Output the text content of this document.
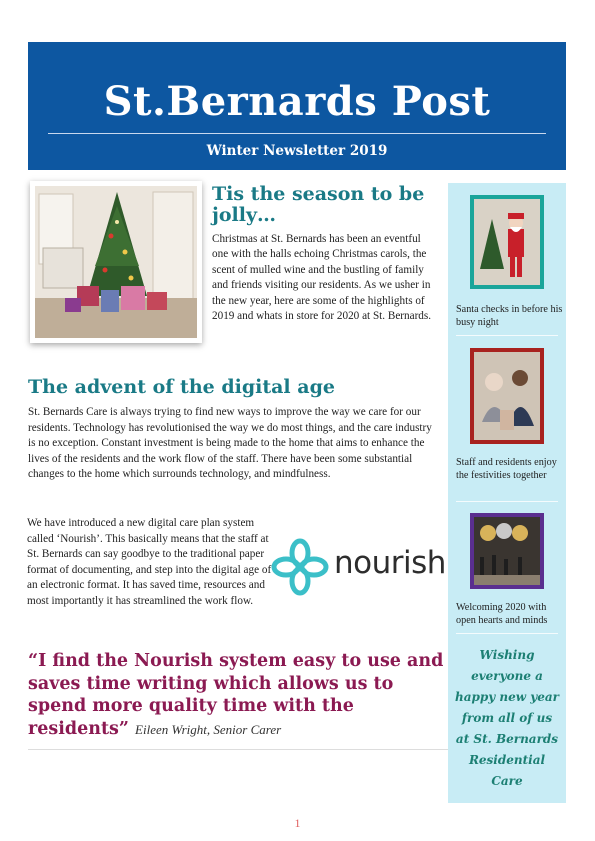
St.Bernards Post
Winter Newsletter 2019
Tis the season to be jolly…

Christmas at St. Bernards has been an eventful one with the halls echoing Christmas carols, the scent of mulled wine and the bustling of family and friends visiting our residents. As we usher in the new year, here are some of the highlights of 2019 and whats in store for 2020 at St. Bernards.

The advent of the digital age

St. Bernards Care is always trying to find new ways to improve the way we care for our residents. Technology has revolutionised the way we do most things, and the care industry is no exception. Constant investment is being made to the home that aims to enhance the lives of the residents and the work flow of the staff. There have been some substantial changes to the home which surrounds technology, and mindfulness.

We have introduced a new digital care plan system called ‘Nourish’. This basically means that the staff at St. Bernards can say goodbye to the traditional paper format of documenting, and step into the digital age of an electronic format. It has saved time, resources and most importantly it has streamlined the work flow.

nourish
“I find the Nourish system easy to use and saves time writing which allows us to spend more quality time with the residents” Eileen Wright, Senior Carer
Santa checks in before his busy night
Staff and residents enjoy the festivities together
Welcoming 2020 with open hearts and minds
Wishing everyone a happy new year from all of us at St. Bernards Residential Care
1
